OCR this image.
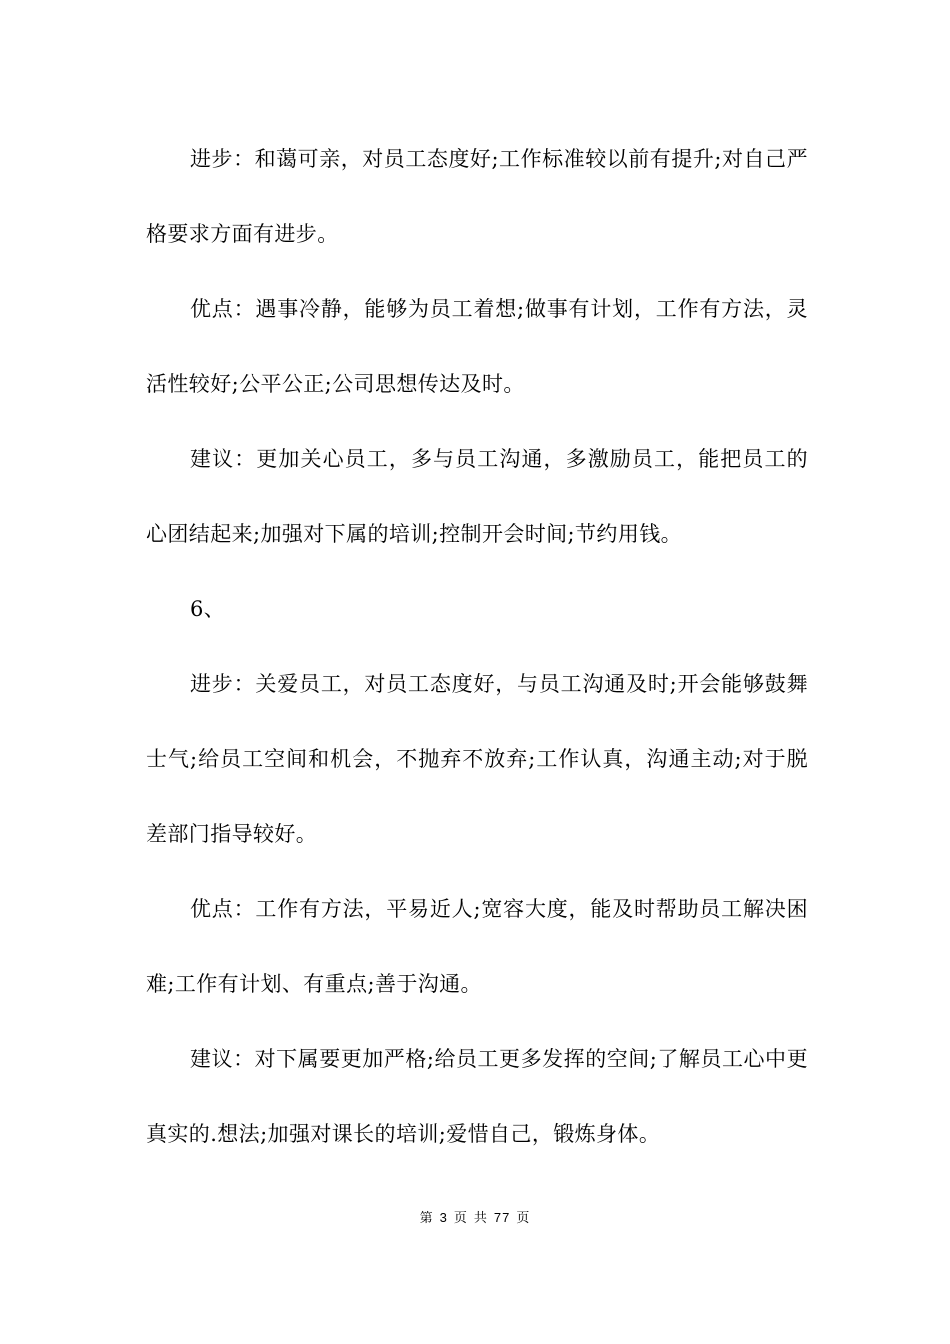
进步：和蔼可亲，对员工态度好;工作标准较以前有提升;对自己严格要求方面有进步。

优点：遇事冷静，能够为员工着想;做事有计划，工作有方法，灵活性较好;公平公正;公司思想传达及时。

建议：更加关心员工，多与员工沟通，多激励员工，能把员工的心团结起来;加强对下属的培训;控制开会时间;节约用钱。

6、

进步：关爱员工，对员工态度好，与员工沟通及时;开会能够鼓舞士气;给员工空间和机会，不抛弃不放弃;工作认真，沟通主动;对于脱差部门指导较好。

优点：工作有方法，平易近人;宽容大度，能及时帮助员工解决困难;工作有计划、有重点;善于沟通。

建议：对下属要更加严格;给员工更多发挥的空间;了解员工心中更真实的.想法;加强对课长的培训;爱惜自己，锻炼身体。

第 3 页 共 77 页
